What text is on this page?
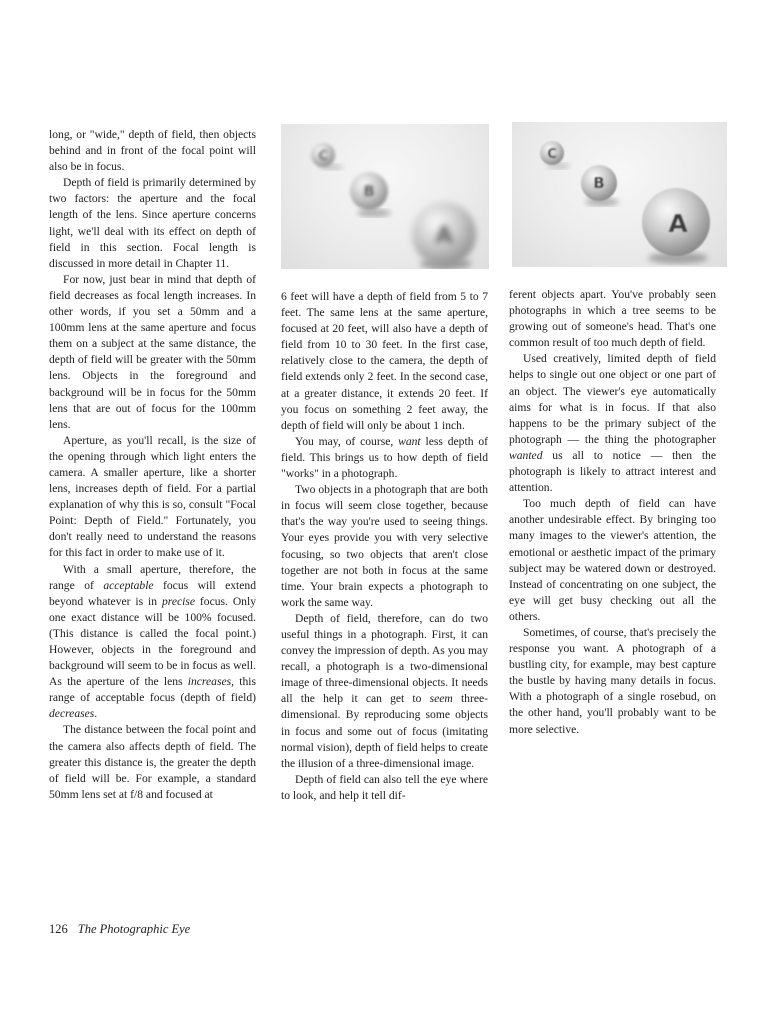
C
B
A
C
B
A

long, or "wide," depth of field, then objects behind and in front of the focal point will also be in focus.

Depth of field is primarily determined by two factors: the aperture and the focal length of the lens. Since aperture concerns light, we'll deal with its effect on depth of field in this section. Focal length is discussed in more detail in Chapter 11.

For now, just bear in mind that depth of field decreases as focal length increases. In other words, if you set a 50mm and a 100mm lens at the same aperture and focus them on a subject at the same distance, the depth of field will be greater with the 50mm lens. Objects in the foreground and background will be in focus for the 50mm lens that are out of focus for the 100mm lens.

Aperture, as you'll recall, is the size of the opening through which light enters the camera. A smaller aperture, like a shorter lens, increases depth of field. For a partial explanation of why this is so, consult "Focal Point: Depth of Field." Fortunately, you don't really need to understand the reasons for this fact in order to make use of it.

With a small aperture, therefore, the range of acceptable focus will extend beyond whatever is in precise focus. Only one exact distance will be 100% focused. (This distance is called the focal point.) However, objects in the foreground and background will seem to be in focus as well. As the aperture of the lens increases, this range of acceptable focus (depth of field) decreases.

The distance between the focal point and the camera also affects depth of field. The greater this distance is, the greater the depth of field will be. For example, a standard 50mm lens set at f/8 and focused at

6 feet will have a depth of field from 5 to 7 feet. The same lens at the same aperture, focused at 20 feet, will also have a depth of field from 10 to 30 feet. In the first case, relatively close to the camera, the depth of field extends only 2 feet. In the second case, at a greater distance, it extends 20 feet. If you focus on something 2 feet away, the depth of field will only be about 1 inch.

You may, of course, want less depth of field. This brings us to how depth of field "works" in a photograph.

Two objects in a photograph that are both in focus will seem close together, because that's the way you're used to seeing things. Your eyes provide you with very selective focusing, so two objects that aren't close together are not both in focus at the same time. Your brain expects a photograph to work the same way.

Depth of field, therefore, can do two useful things in a photograph. First, it can convey the impression of depth. As you may recall, a photograph is a two-dimensional image of three-dimensional objects. It needs all the help it can get to seem three-dimensional. By reproducing some objects in focus and some out of focus (imitating normal vision), depth of field helps to create the illusion of a three-dimensional image.

Depth of field can also tell the eye where to look, and help it tell dif-

ferent objects apart. You've probably seen photographs in which a tree seems to be growing out of someone's head. That's one common result of too much depth of field.

Used creatively, limited depth of field helps to single out one object or one part of an object. The viewer's eye automatically aims for what is in focus. If that also happens to be the primary subject of the photograph — the thing the photographer wanted us all to notice — then the photograph is likely to attract interest and attention.

Too much depth of field can have another undesirable effect. By bringing too many images to the viewer's attention, the emotional or aesthetic impact of the primary subject may be watered down or destroyed. Instead of concentrating on one subject, the eye will get busy checking out all the others.

Sometimes, of course, that's precisely the response you want. A photograph of a bustling city, for example, may best capture the bustle by having many details in focus. With a photograph of a single rosebud, on the other hand, you'll probably want to be more selective.

126 The Photographic Eye
